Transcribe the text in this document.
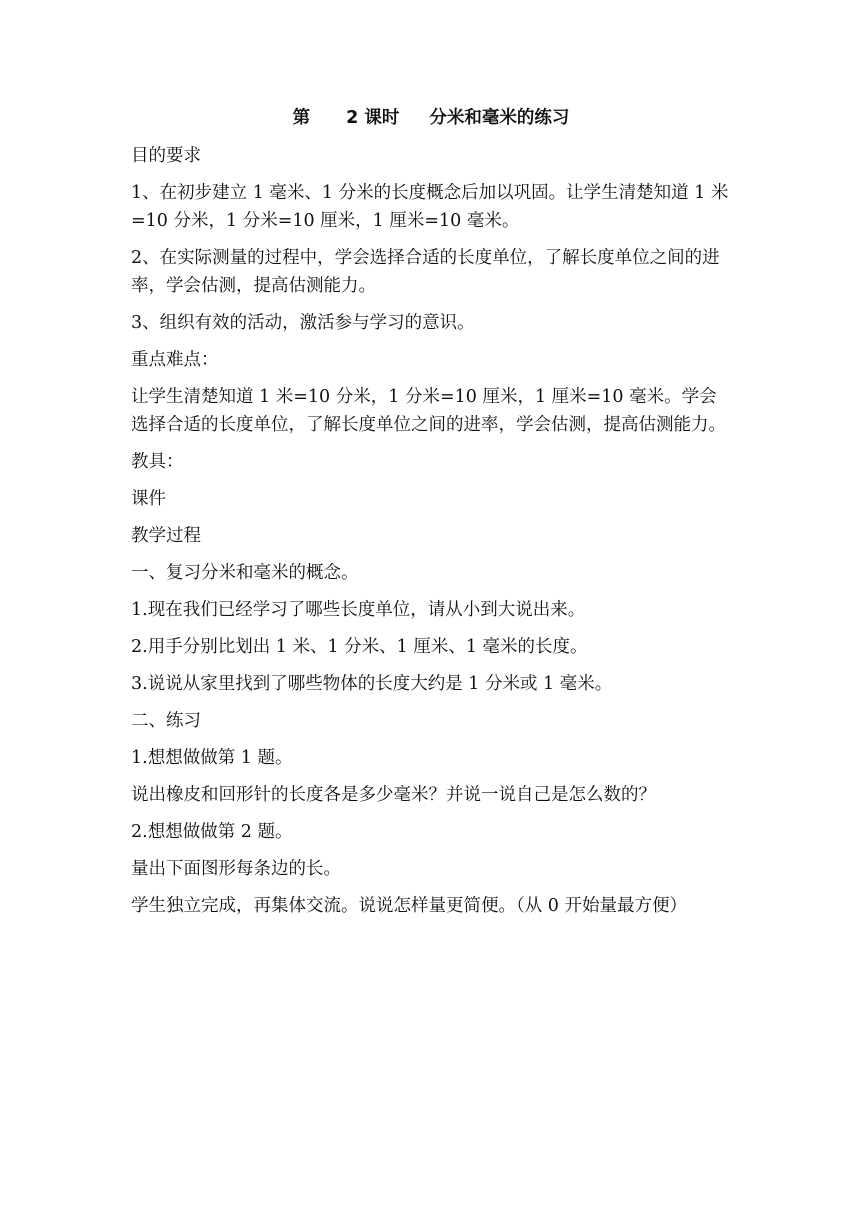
第 2 课时 分米和毫米的练习

目的要求

1、在初步建立 1 毫米、1 分米的长度概念后加以巩固。让学生清楚知道 1 米=10 分米，1 分米=10 厘米，1 厘米=10 毫米。

2、在实际测量的过程中，学会选择合适的长度单位，了解长度单位之间的进率，学会估测，提高估测能力。

3、组织有效的活动，激活参与学习的意识。

重点难点：

让学生清楚知道 1 米=10 分米，1 分米=10 厘米，1 厘米=10 毫米。学会选择合适的长度单位，了解长度单位之间的进率，学会估测，提高估测能力。

教具：

课件

教学过程

一、复习分米和毫米的概念。

1.现在我们已经学习了哪些长度单位，请从小到大说出来。

2.用手分别比划出 1 米、1 分米、1 厘米、1 毫米的长度。

3.说说从家里找到了哪些物体的长度大约是 1 分米或 1 毫米。

二、练习

1.想想做做第 1 题。

说出橡皮和回形针的长度各是多少毫米？并说一说自己是怎么数的？

2.想想做做第 2 题。

量出下面图形每条边的长。

学生独立完成，再集体交流。说说怎样量更简便。（从 0 开始量最方便）
